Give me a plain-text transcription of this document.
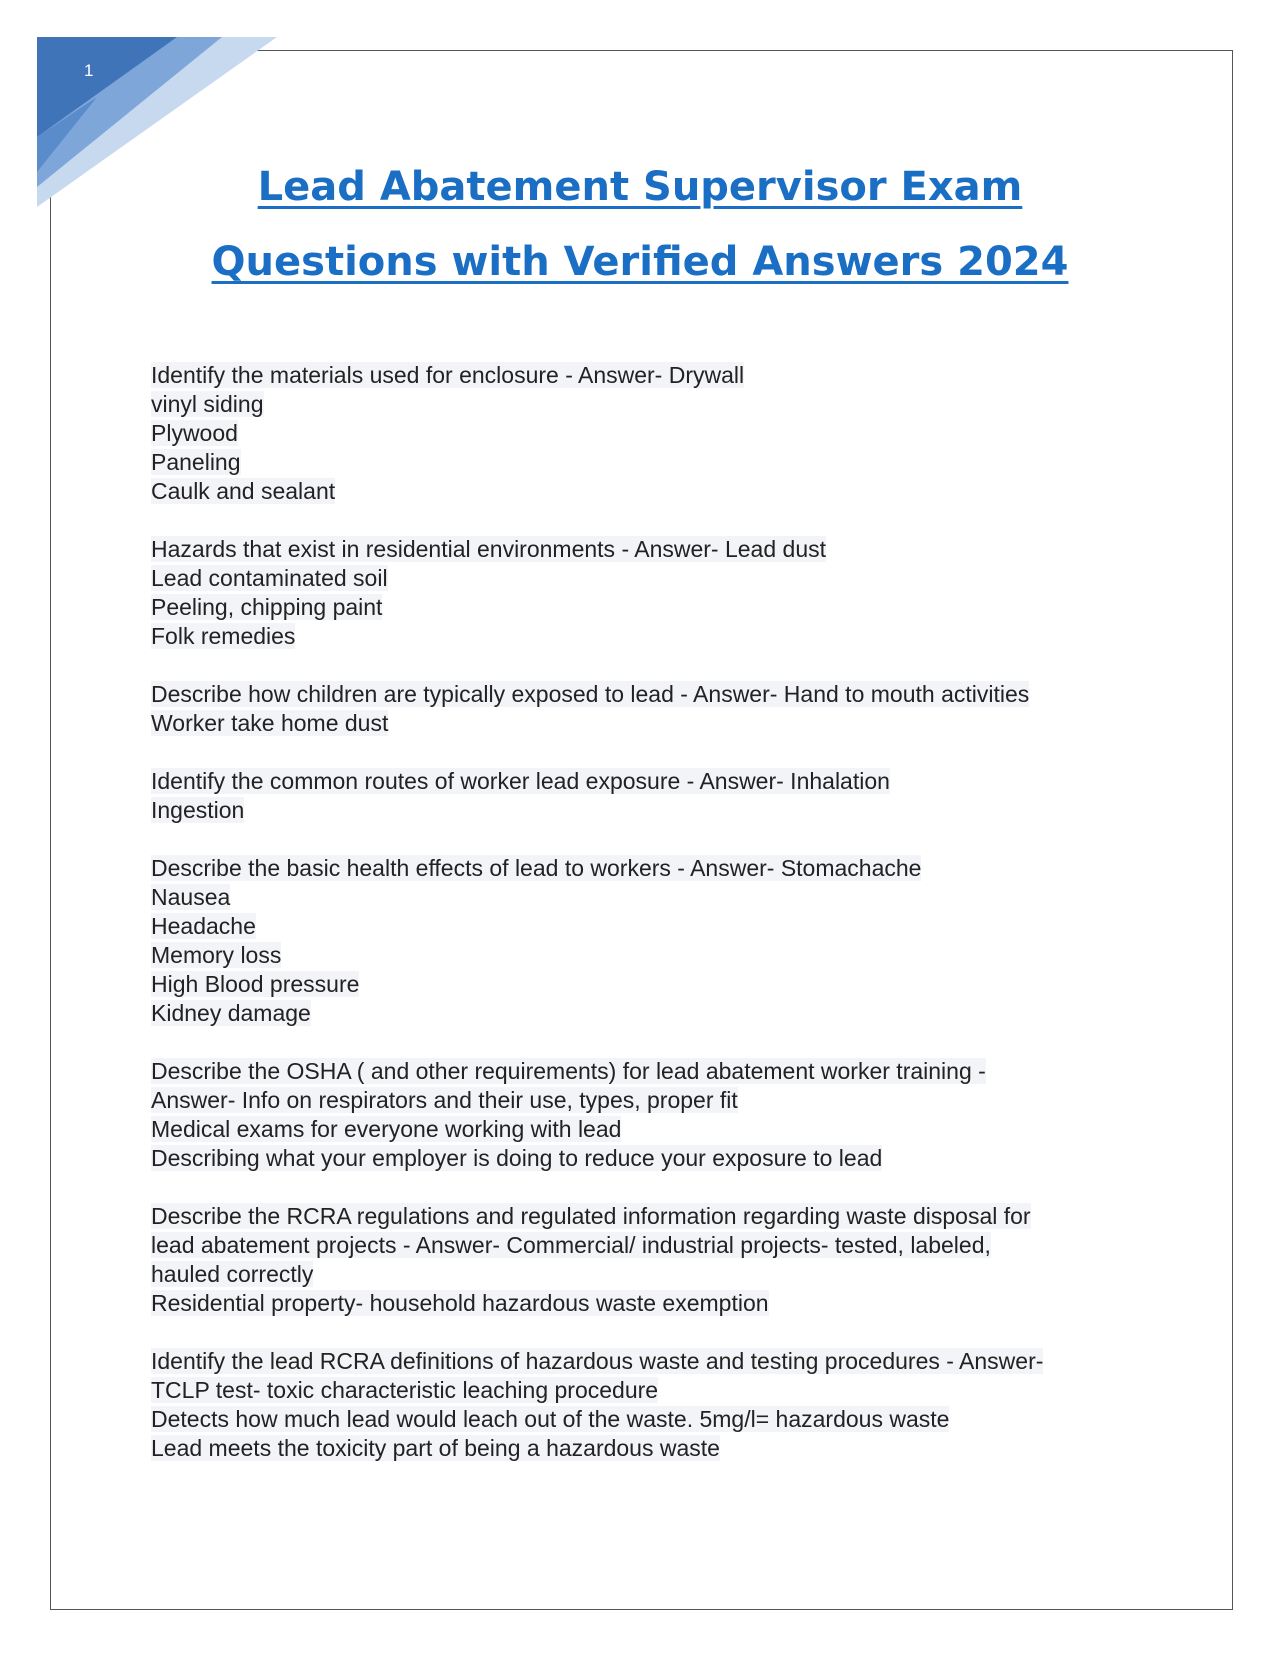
1
Lead Abatement Supervisor Exam
Questions with Verified Answers 2024
Identify the materials used for enclosure - Answer- Drywall
vinyl siding
Plywood
Paneling
Caulk and sealant
Hazards that exist in residential environments - Answer- Lead dust
Lead contaminated soil
Peeling, chipping paint
Folk remedies
Describe how children are typically exposed to lead - Answer- Hand to mouth activities
Worker take home dust
Identify the common routes of worker lead exposure - Answer- Inhalation
Ingestion
Describe the basic health effects of lead to workers - Answer- Stomachache
Nausea
Headache
Memory loss
High Blood pressure
Kidney damage
Describe the OSHA ( and other requirements) for lead abatement worker training -
Answer- Info on respirators and their use, types, proper fit
Medical exams for everyone working with lead
Describing what your employer is doing to reduce your exposure to lead
Describe the RCRA regulations and regulated information regarding waste disposal for
lead abatement projects - Answer- Commercial/ industrial projects- tested, labeled,
hauled correctly
Residential property- household hazardous waste exemption
Identify the lead RCRA definitions of hazardous waste and testing procedures - Answer-
TCLP test- toxic characteristic leaching procedure
Detects how much lead would leach out of the waste. 5mg/l= hazardous waste
Lead meets the toxicity part of being a hazardous waste
